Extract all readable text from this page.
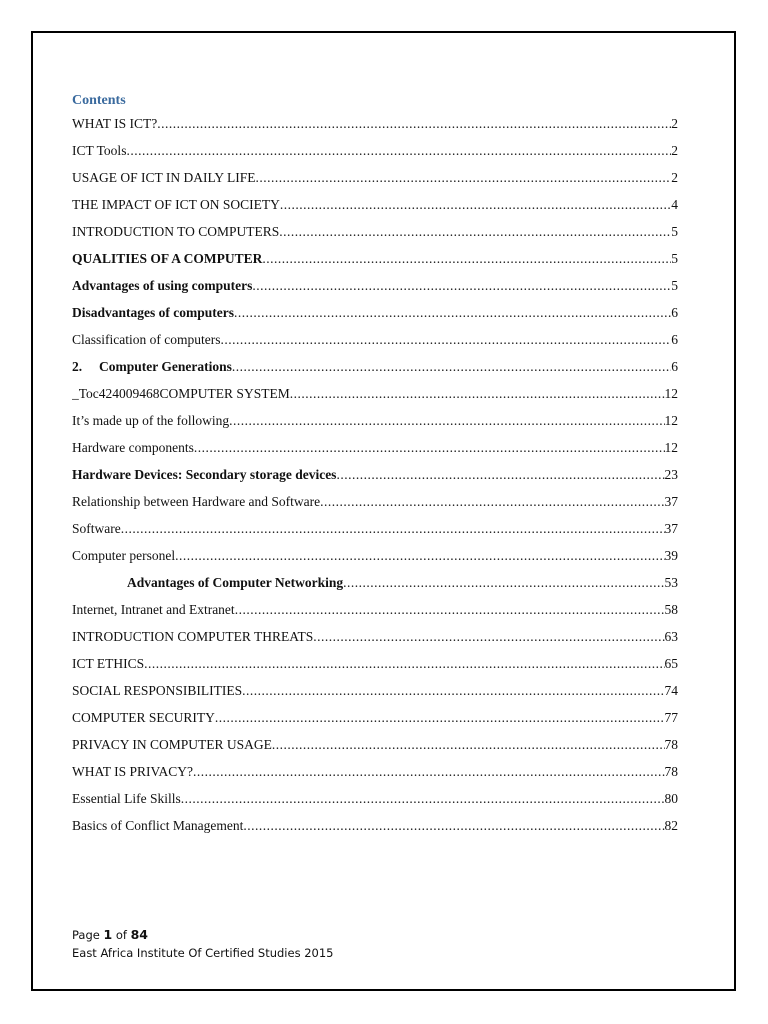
Contents
WHAT IS ICT? .....	2
ICT Tools .....	2
USAGE OF ICT IN DAILY LIFE .....	2
THE IMPACT OF ICT ON SOCIETY .....	4
INTRODUCTION TO COMPUTERS .....	5
QUALITIES OF A COMPUTER .....	5
Advantages of using computers .....	5
Disadvantages of computers .....	6
Classification of computers .....	6
2. Computer Generations .....	6
_Toc424009468COMPUTER SYSTEM .....	12
It’s made up of the following .....	12
Hardware components .....	12
Hardware Devices: Secondary storage devices .....	23
Relationship between Hardware and Software .....	37
Software .....	37
Computer personel .....	39
Advantages of Computer Networking .....	53
Internet, Intranet and Extranet .....	58
INTRODUCTION COMPUTER THREATS .....	63
ICT ETHICS .....	65
SOCIAL RESPONSIBILITIES .....	74
COMPUTER SECURITY .....	77
PRIVACY IN COMPUTER USAGE .....	78
WHAT IS PRIVACY? .....	78
Essential Life Skills .....	80
Basics of Conflict Management .....	82
Page 1 of 84
East Africa Institute Of Certified Studies 2015
